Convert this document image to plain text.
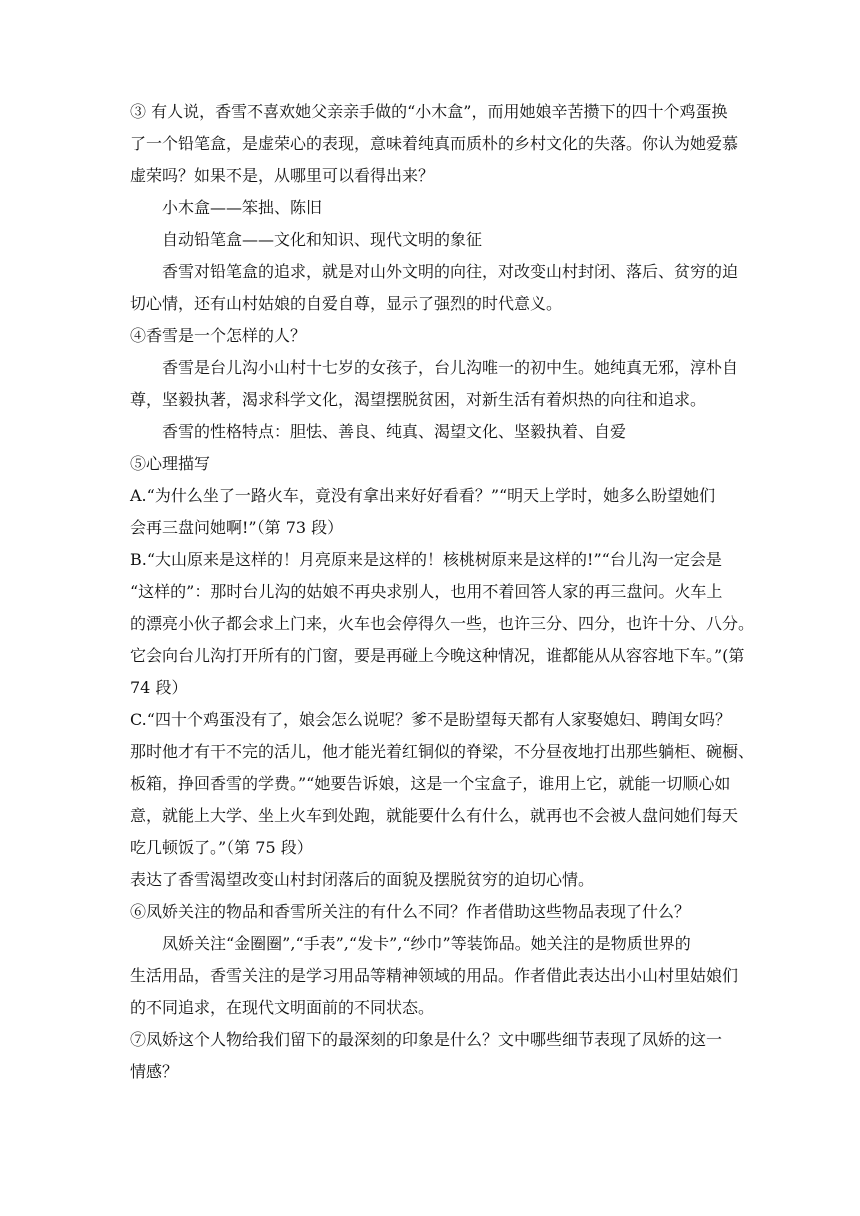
③ 有人说，香雪不喜欢她父亲亲手做的“小木盒”，而用她娘辛苦攒下的四十个鸡蛋换

了一个铅笔盒，是虚荣心的表现，意味着纯真而质朴的乡村文化的失落。你认为她爱慕

虚荣吗？如果不是，从哪里可以看得出来？

小木盒——笨拙、陈旧

自动铅笔盒——文化和知识、现代文明的象征

香雪对铅笔盒的追求，就是对山外文明的向往，对改变山村封闭、落后、贫穷的迫

切心情，还有山村姑娘的自爱自尊，显示了强烈的时代意义。

④香雪是一个怎样的人？

香雪是台儿沟小山村十七岁的女孩子，台儿沟唯一的初中生。她纯真无邪，淳朴自

尊，坚毅执著，渴求科学文化，渴望摆脱贫困，对新生活有着炽热的向往和追求。

香雪的性格特点：胆怯、善良、纯真、渴望文化、坚毅执着、自爱

⑤心理描写

A.“为什么坐了一路火车，竟没有拿出来好好看看？”“明天上学时，她多么盼望她们

会再三盘问她啊!”（第 73 段）

B.“大山原来是这样的！月亮原来是这样的！核桃树原来是这样的!”“台儿沟一定会是

“这样的”：那时台儿沟的姑娘不再央求别人，也用不着回答人家的再三盘问。火车上

的漂亮小伙子都会求上门来，火车也会停得久一些，也许三分、四分，也许十分、八分。

它会向台儿沟打开所有的门窗，要是再碰上今晚这种情况，谁都能从从容容地下车。”(第

74 段）

C.“四十个鸡蛋没有了，娘会怎么说呢？爹不是盼望每天都有人家娶媳妇、聘闺女吗？

那时他才有干不完的活儿，他才能光着红铜似的脊梁，不分昼夜地打出那些躺柜、碗橱、

板箱，挣回香雪的学费。”“她要告诉娘，这是一个宝盒子，谁用上它，就能一切顺心如

意，就能上大学、坐上火车到处跑，就能要什么有什么，就再也不会被人盘问她们每天

吃几顿饭了。”（第 75 段）

表达了香雪渴望改变山村封闭落后的面貌及摆脱贫穷的迫切心情。

⑥凤娇关注的物品和香雪所关注的有什么不同？作者借助这些物品表现了什么？

凤娇关注“金圈圈”,“手表”,“发卡”,“纱巾”等装饰品。她关注的是物质世界的

生活用品，香雪关注的是学习用品等精神领域的用品。作者借此表达出小山村里姑娘们

的不同追求，在现代文明面前的不同状态。

⑦凤娇这个人物给我们留下的最深刻的印象是什么？文中哪些细节表现了凤娇的这一

情感？
